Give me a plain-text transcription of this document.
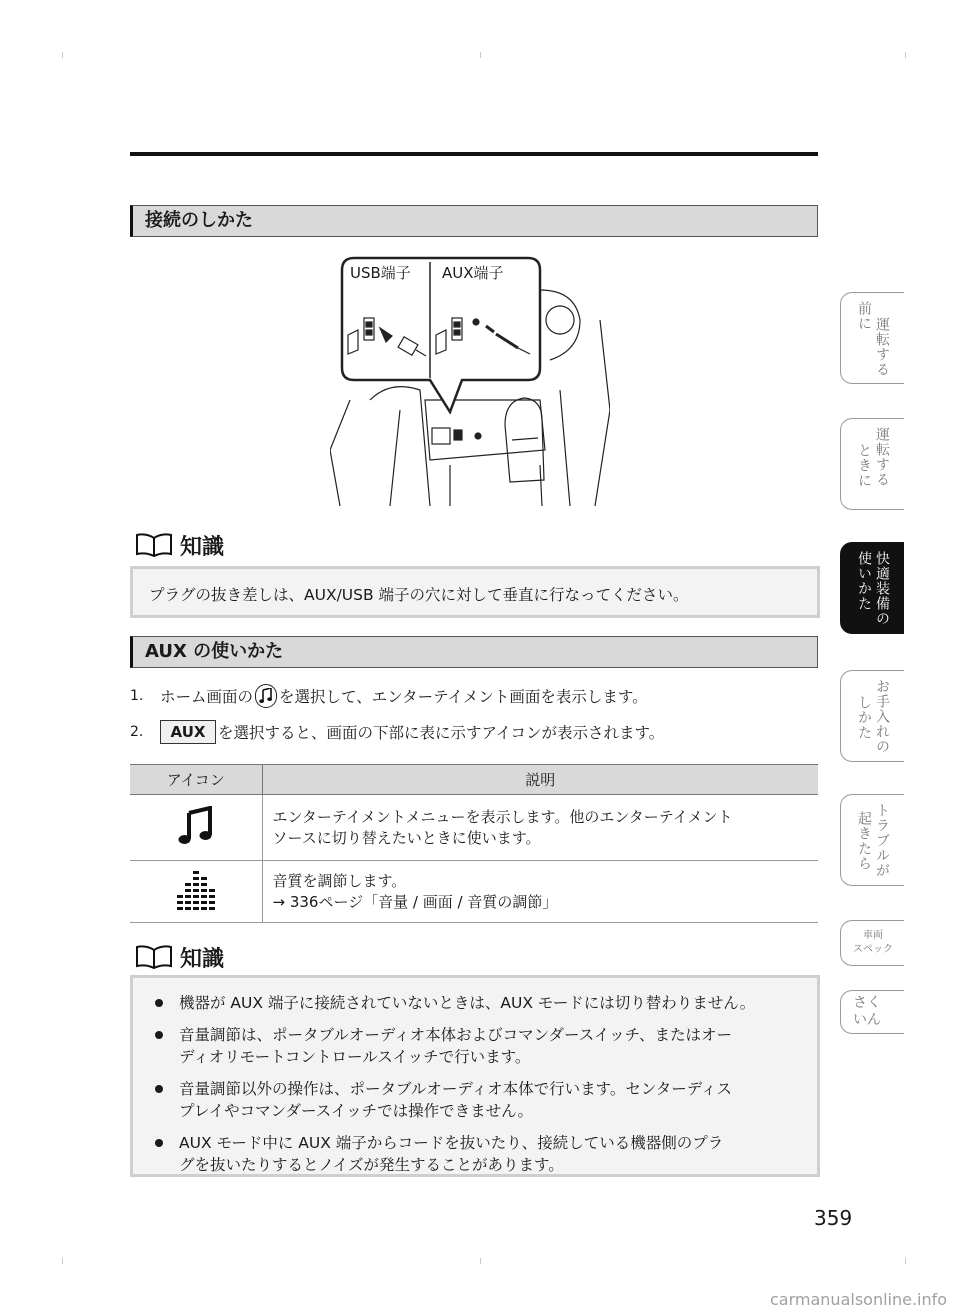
接続のしかた
USB端子 AUX端子
知識
プラグの抜き差しは、AUX/USB 端子の穴に対して垂直に行なってください。
AUX の使いかた
1.	ホーム画面の を選択して、エンターテイメント画面を表示します。
2.	AUX を選択すると、画面の下部に表に示すアイコンが表示されます。
アイコン	説明

エンターテイメントメニューを表示します。他のエンターテイメント
ソースに切り替えたいときに使います。

音質を調節します。
→ 336ページ「音量 / 画面 / 音質の調節」
知識
機器が AUX 端子に接続されていないときは、AUX モードには切り替わりません。
音量調節は、ポータブルオーディオ本体およびコマンダースイッチ、またはオー
ディオリモートコントロールスイッチで行います。
音量調節以外の操作は、ポータブルオーディオ本体で行います。センターディス
プレイやコマンダースイッチでは操作できません。
AUX モード中に AUX 端子からコードを抜いたり、接続している機器側のプラ
グを抜いたりするとノイズが発生することがあります。
運転する
前に
運転する
ときに
快適装備の
使いかた
お手入れの
しかた
トラブルが
起きたら
車両
スペック
さく
いん
359
carmanualsonline.info
